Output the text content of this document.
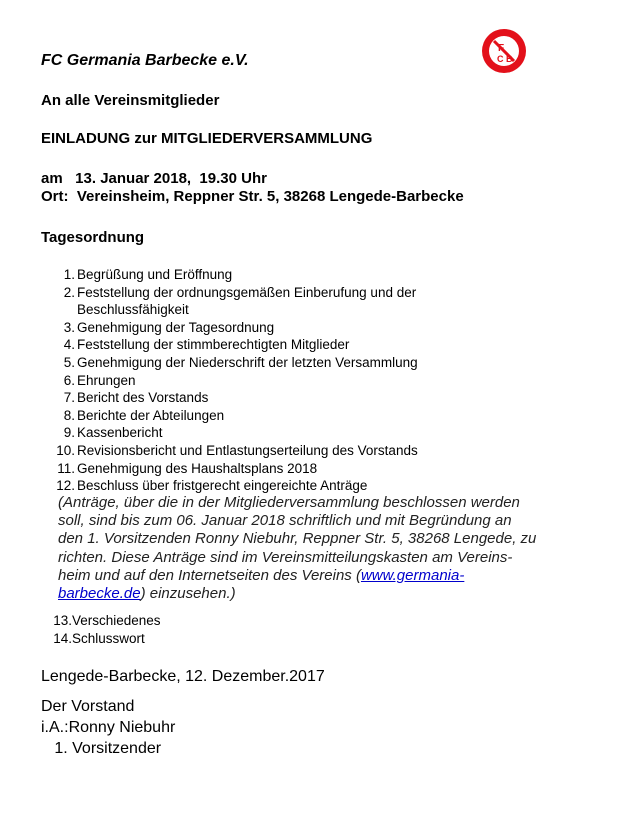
FC Germania Barbecke e.V.
F
C B
An alle Vereinsmitglieder
EINLADUNG zur MITGLIEDERVERSAMMLUNG
am   13. Januar 2018,  19.30 Uhr
Ort:  Vereinsheim, Reppner Str. 5, 38268 Lengede-Barbecke
Tagesordnung
1. Begrüßung und Eröffnung
2. Feststellung der ordnungsgemäßen Einberufung und der
Beschlussfähigkeit
3. Genehmigung der Tagesordnung
4. Feststellung der stimmberechtigten Mitglieder
5. Genehmigung der Niederschrift der letzten Versammlung
6. Ehrungen
7. Bericht des Vorstands
8. Berichte der Abteilungen
9. Kassenbericht
10. Revisionsbericht und Entlastungserteilung des Vorstands
11. Genehmigung des Haushaltsplans 2018
12. Beschluss über fristgerecht eingereichte Anträge
(Anträge, über die in der Mitgliederversammlung beschlossen werden
soll, sind bis zum 06. Januar 2018 schriftlich und mit Begründung an
den 1. Vorsitzenden Ronny Niebuhr, Reppner Str. 5, 38268 Lengede, zu
richten. Diese Anträge sind im Vereinsmitteilungskasten am Vereins-
heim und auf den Internetseiten des Vereins (www.germania-
barbecke.de) einzusehen.)
13.Verschiedenes
14.Schlusswort
Lengede-Barbecke, 12. Dezember.2017
Der Vorstand
i.A.:Ronny Niebuhr
1. Vorsitzender
